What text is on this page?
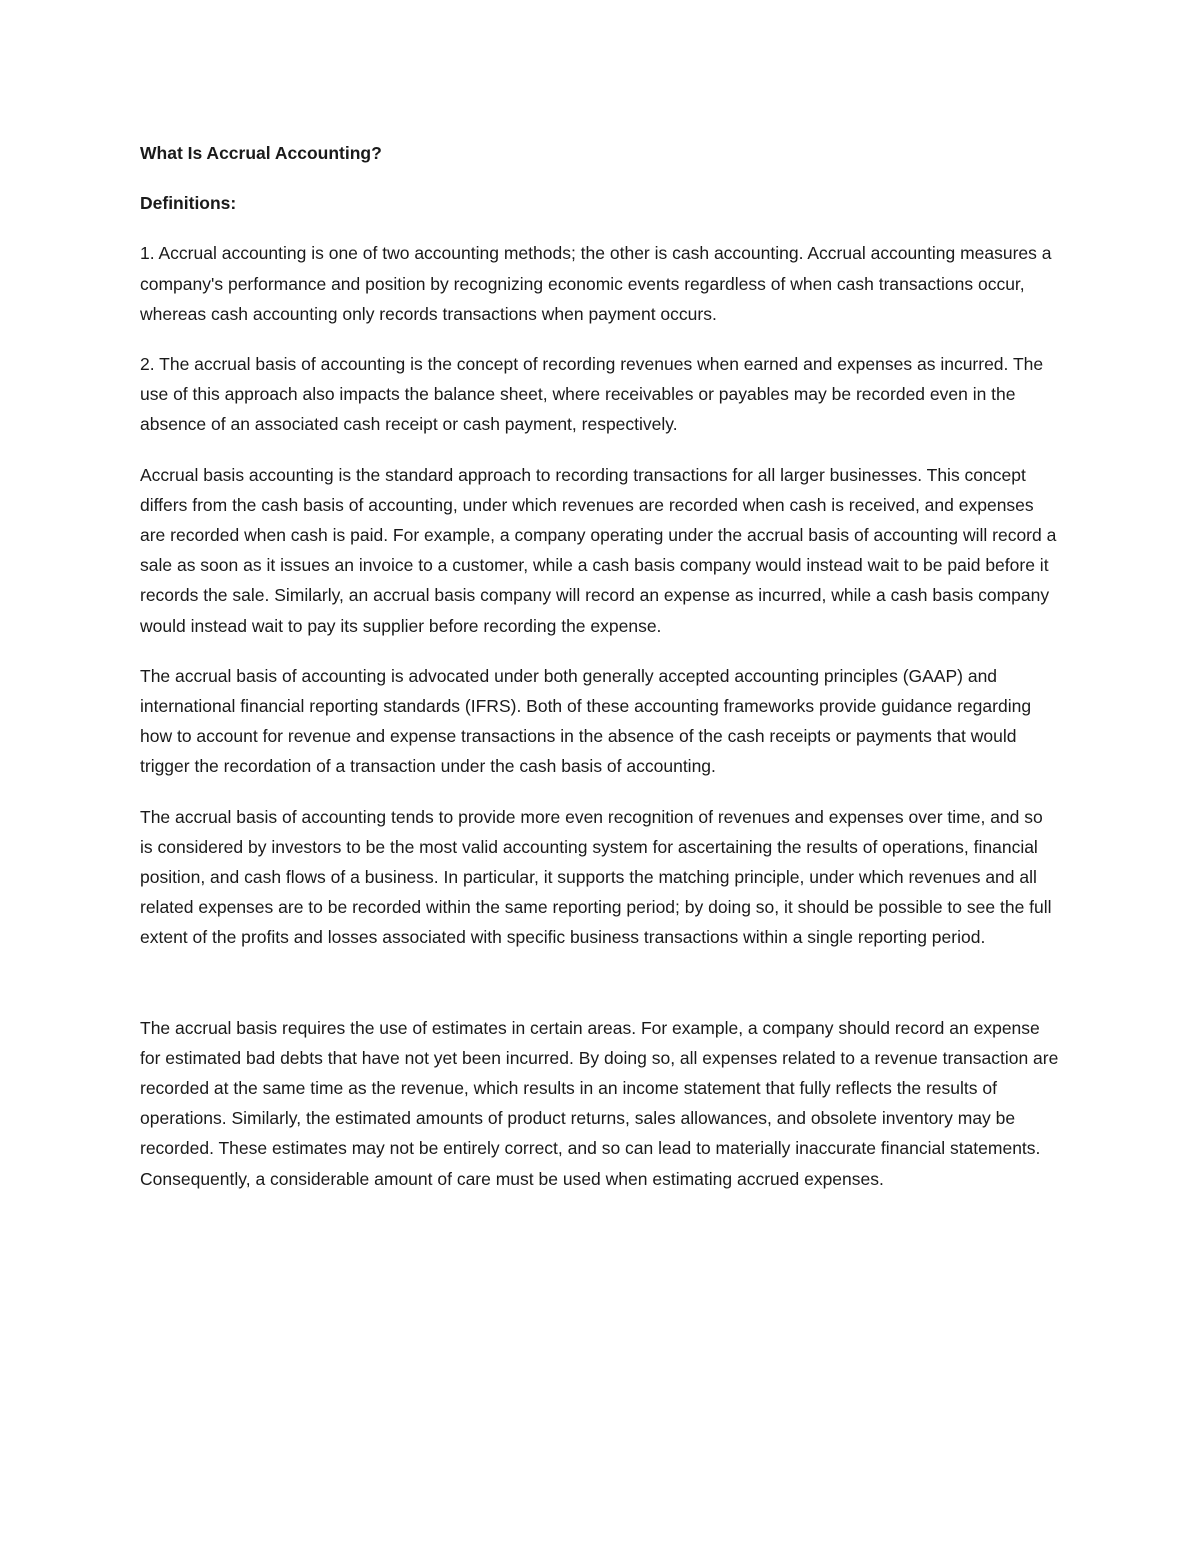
What Is Accrual Accounting?
Definitions:

1. Accrual accounting is one of two accounting methods; the other is cash accounting. Accrual accounting measures a company's performance and position by recognizing economic events regardless of when cash transactions occur, whereas cash accounting only records transactions when payment occurs.

2. The accrual basis of accounting is the concept of recording revenues when earned and expenses as incurred. The use of this approach also impacts the balance sheet, where receivables or payables may be recorded even in the absence of an associated cash receipt or cash payment, respectively.

Accrual basis accounting is the standard approach to recording transactions for all larger businesses. This concept differs from the cash basis of accounting, under which revenues are recorded when cash is received, and expenses are recorded when cash is paid. For example, a company operating under the accrual basis of accounting will record a sale as soon as it issues an invoice to a customer, while a cash basis company would instead wait to be paid before it records the sale. Similarly, an accrual basis company will record an expense as incurred, while a cash basis company would instead wait to pay its supplier before recording the expense.

The accrual basis of accounting is advocated under both generally accepted accounting principles (GAAP) and international financial reporting standards (IFRS). Both of these accounting frameworks provide guidance regarding how to account for revenue and expense transactions in the absence of the cash receipts or payments that would trigger the recordation of a transaction under the cash basis of accounting.

The accrual basis of accounting tends to provide more even recognition of revenues and expenses over time, and so is considered by investors to be the most valid accounting system for ascertaining the results of operations, financial position, and cash flows of a business. In particular, it supports the matching principle, under which revenues and all related expenses are to be recorded within the same reporting period; by doing so, it should be possible to see the full extent of the profits and losses associated with specific business transactions within a single reporting period.

The accrual basis requires the use of estimates in certain areas. For example, a company should record an expense for estimated bad debts that have not yet been incurred. By doing so, all expenses related to a revenue transaction are recorded at the same time as the revenue, which results in an income statement that fully reflects the results of operations. Similarly, the estimated amounts of product returns, sales allowances, and obsolete inventory may be recorded. These estimates may not be entirely correct, and so can lead to materially inaccurate financial statements. Consequently, a considerable amount of care must be used when estimating accrued expenses.
